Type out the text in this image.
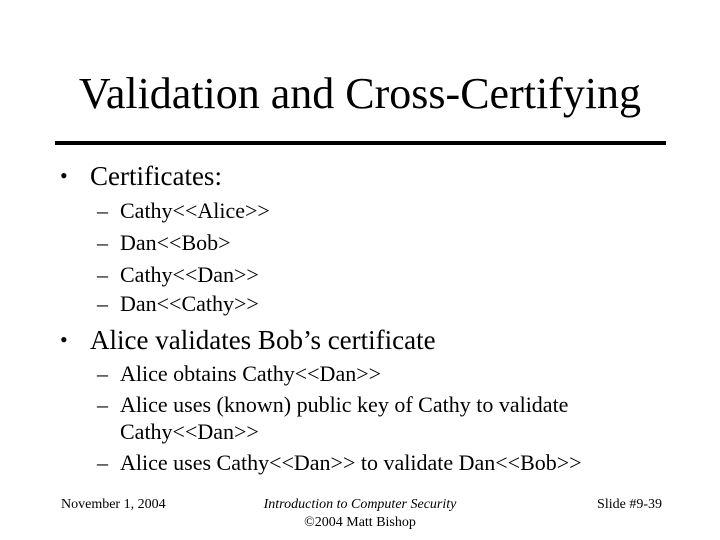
Validation and Cross-Certifying
• Certificates:
– Cathy<<Alice>>
– Dan<<Bob>
– Cathy<<Dan>>
– Dan<<Cathy>>
• Alice validates Bob’s certificate
– Alice obtains Cathy<<Dan>>
– Alice uses (known) public key of Cathy to validate
Cathy<<Dan>>
– Alice uses Cathy<<Dan>> to validate Dan<<Bob>>
November 1, 2004	Introduction to Computer Security
©2004 Matt Bishop
Slide #9-39
